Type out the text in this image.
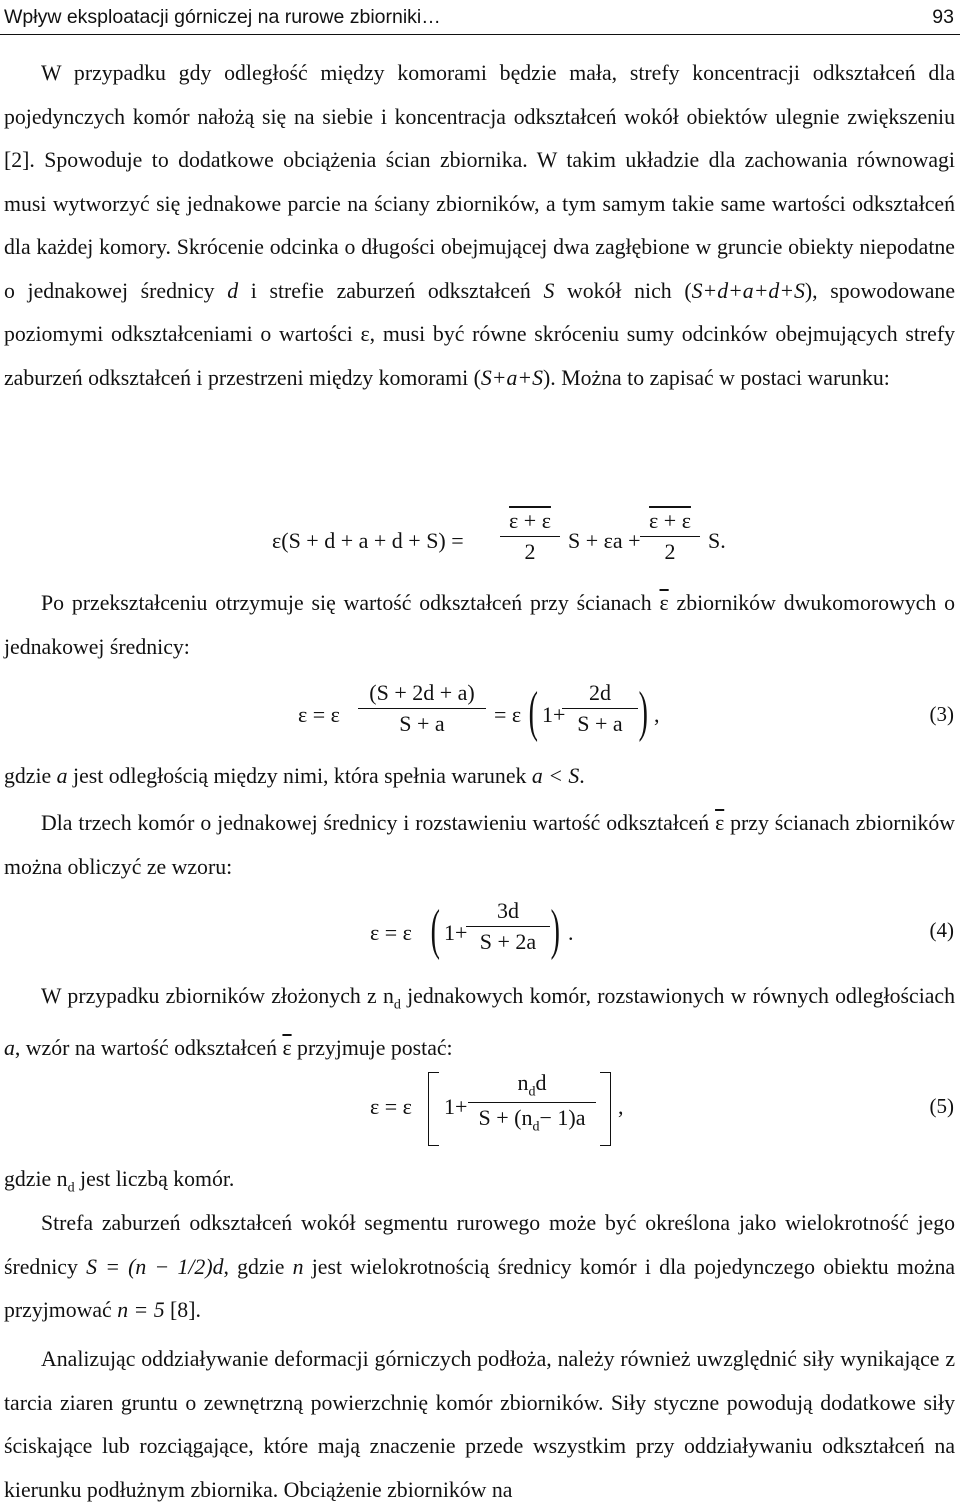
Wpływ eksploatacji górniczej na rurowe zbiorniki…	93

W przypadku gdy odległość między komorami będzie mała, strefy koncentracji odkształceń dla pojedynczych komór nałożą się na siebie i koncentracja odkształceń wokół obiektów ulegnie zwiększeniu [2]. Spowoduje to dodatkowe obciążenia ścian zbiornika. W takim układzie dla zachowania równowagi musi wytworzyć się jednakowe parcie na ściany zbiorników, a tym samym takie same wartości odkształceń dla każdej komory. Skrócenie odcinka o długości obejmującej dwa zagłębione w gruncie obiekty niepodatne o jednakowej średnicy d i strefie zaburzeń odkształceń S wokół nich (S+d+a+d+S), spowodowane poziomymi odkształceniami o wartości ε, musi być równe skróceniu sumy odcinków obejmujących strefy zaburzeń odkształceń i przestrzeni między komorami (S+a+S). Można to zapisać w postaci warunku:

ε(S + d + a + d + S) =
ε + ε
2	S + εa +
ε + ε
2	S.

Po przekształceniu otrzymuje się wartość odkształceń przy ścianach $\overline{\varepsilon}$ zbiorników dwukomorowych o jednakowej średnicy:

ε = ε
(S + 2d + a)
S + a	= ε ( 1+
2d
S + a ) ,	(3)

gdzie a jest odległością między nimi, która spełnia warunek a < S.

Dla trzech komór o jednakowej średnicy i rozstawieniu wartość odkształceń $\overline{\varepsilon}$ przy ścianach zbiorników można obliczyć ze wzoru:

ε = ε ( 1+
3d
S + 2a ) .	(4)

W przypadku zbiorników złożonych z $n_d$ jednakowych komór, rozstawionych w równych odległościach a, wzór na wartość odkształceń $\overline{\varepsilon}$ przyjmuje postać:

ε = ε 1+
$n_dd$
$S + (n_d- 1)a$	,	(5)

gdzie $n_d$ jest liczbą komór.

Strefa zaburzeń odkształceń wokół segmentu rurowego może być określona jako wielokrotność jego średnicy S = (n − 1/2)d, gdzie n jest wielokrotnością średnicy komór i dla pojedynczego obiektu można przyjmować n = 5 [8].

Analizując oddziaływanie deformacji górniczych podłoża, należy również uwzględnić siły wynikające z tarcia ziaren gruntu o zewnętrzną powierzchnię komór zbiorników. Siły styczne powodują dodatkowe siły ściskające lub rozciągające, które mają znaczenie przede wszystkim przy oddziaływaniu odkształceń na kierunku podłużnym zbiornika. Obciążenie zbiorników na
